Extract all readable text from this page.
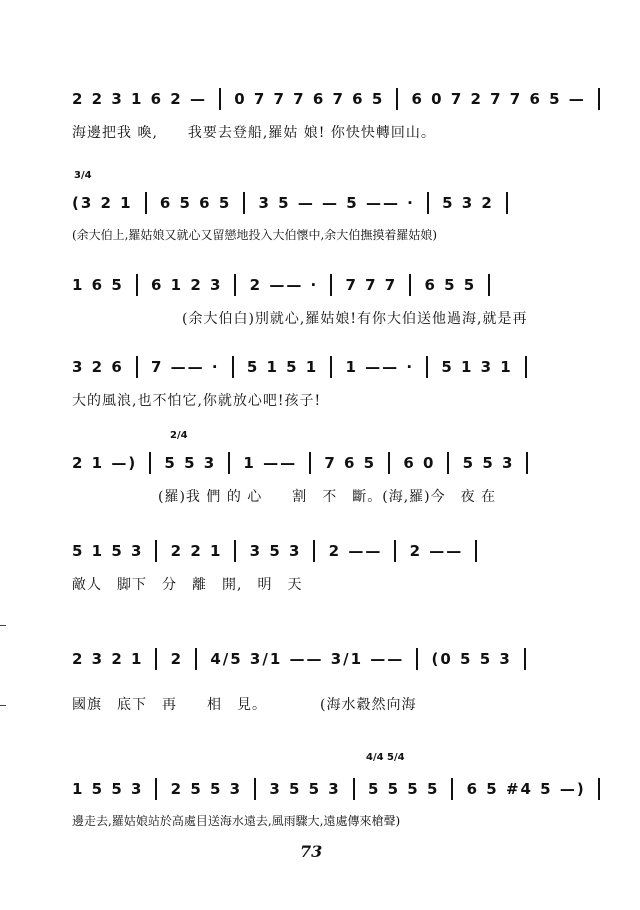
2 2 3 1 6 2 — 0 7 7 7 6 7 6 5 6 0 7 2 7 7 6 5 —
海邊把我 喚,　　我要去登船,羅姑 娘! 你快快轉回山。
3/4
(3 2 1 6 5 6 5 3 5 — — 5 —— · 5 3 2
(余大伯上,羅姑娘又就心又留戀地投入大伯懷中,余大伯撫摸着羅姑娘)
1 6 5 6 1 2 3 2 —— · 7 7 7 6 5 5
(余大伯白)別就心,羅姑娘!有你大伯送他過海,就是再
3 2 6 7 —— · 5 1 5 1 1 —— · 5 1 3 1
大的風浪,也不怕它,你就放心吧!孩子!
2/4
2 1 —) 5 5 3 1 —— 7 6 5 6 0 5 5 3
(羅)我 們 的 心　　割　不　斷。(海,羅)今　夜 在
5 1 5 3 2 2 1 3 5 3 2 —— 2 ——
敵人　脚下　分　離　開,　明　天
2 3 2 1 2 4/5 3/1 —— 3/1 —— (0 5 5 3
國旗　底下　再　　相　見。　　　　(海水縠然向海
4/4 5/4
1 5 5 3 2 5 5 3 3 5 5 3 5 5 5 5 6 5 #4 5 —)
邊走去,羅姑娘站於高處目送海水遠去,風雨驟大,遠處傳來槍聲)
73
